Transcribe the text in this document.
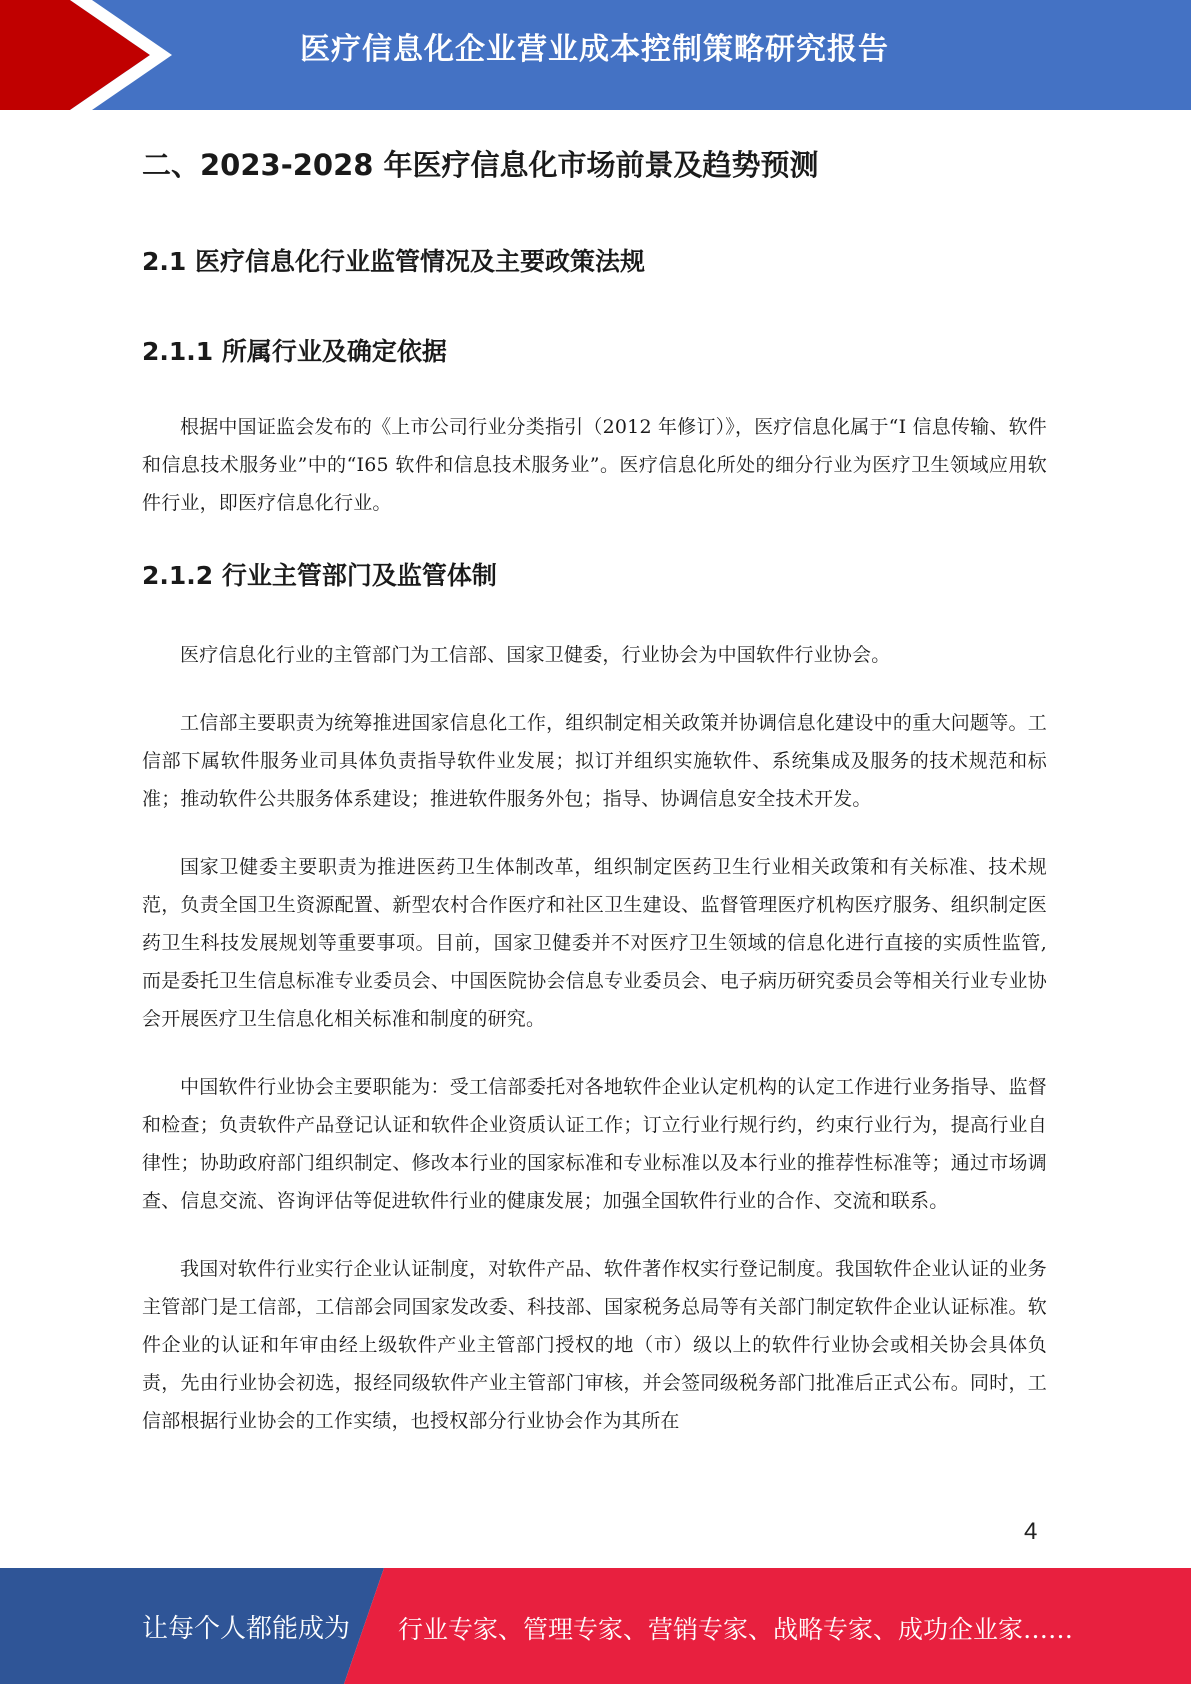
医疗信息化企业营业成本控制策略研究报告
二、2023-2028 年医疗信息化市场前景及趋势预测
2.1 医疗信息化行业监管情况及主要政策法规
2.1.1 所属行业及确定依据

根据中国证监会发布的《上市公司行业分类指引（2012 年修订）》，医疗信息化属于“I 信息传输、软件和信息技术服务业”中的“I65 软件和信息技术服务业”。医疗信息化所处的细分行业为医疗卫生领域应用软件行业，即医疗信息化行业。

2.1.2 行业主管部门及监管体制

医疗信息化行业的主管部门为工信部、国家卫健委，行业协会为中国软件行业协会。

工信部主要职责为统筹推进国家信息化工作，组织制定相关政策并协调信息化建设中的重大问题等。工信部下属软件服务业司具体负责指导软件业发展；拟订并组织实施软件、系统集成及服务的技术规范和标准；推动软件公共服务体系建设；推进软件服务外包；指导、协调信息安全技术开发。

国家卫健委主要职责为推进医药卫生体制改革，组织制定医药卫生行业相关政策和有关标准、技术规范，负责全国卫生资源配置、新型农村合作医疗和社区卫生建设、监督管理医疗机构医疗服务、组织制定医药卫生科技发展规划等重要事项。目前，国家卫健委并不对医疗卫生领域的信息化进行直接的实质性监管,而是委托卫生信息标准专业委员会、中国医院协会信息专业委员会、电子病历研究委员会等相关行业专业协会开展医疗卫生信息化相关标准和制度的研究。

中国软件行业协会主要职能为：受工信部委托对各地软件企业认定机构的认定工作进行业务指导、监督和检查；负责软件产品登记认证和软件企业资质认证工作；订立行业行规行约，约束行业行为，提高行业自律性；协助政府部门组织制定、修改本行业的国家标准和专业标准以及本行业的推荐性标准等；通过市场调查、信息交流、咨询评估等促进软件行业的健康发展；加强全国软件行业的合作、交流和联系。

我国对软件行业实行企业认证制度，对软件产品、软件著作权实行登记制度。我国软件企业认证的业务主管部门是工信部，工信部会同国家发改委、科技部、国家税务总局等有关部门制定软件企业认证标准。软件企业的认证和年审由经上级软件产业主管部门授权的地（市）级以上的软件行业协会或相关协会具体负责，先由行业协会初选，报经同级软件产业主管部门审核，并会签同级税务部门批准后正式公布。同时，工信部根据行业协会的工作实绩，也授权部分行业协会作为其所在

4
让每个人都能成为 行业专家、管理专家、营销专家、战略专家、成功企业家……
